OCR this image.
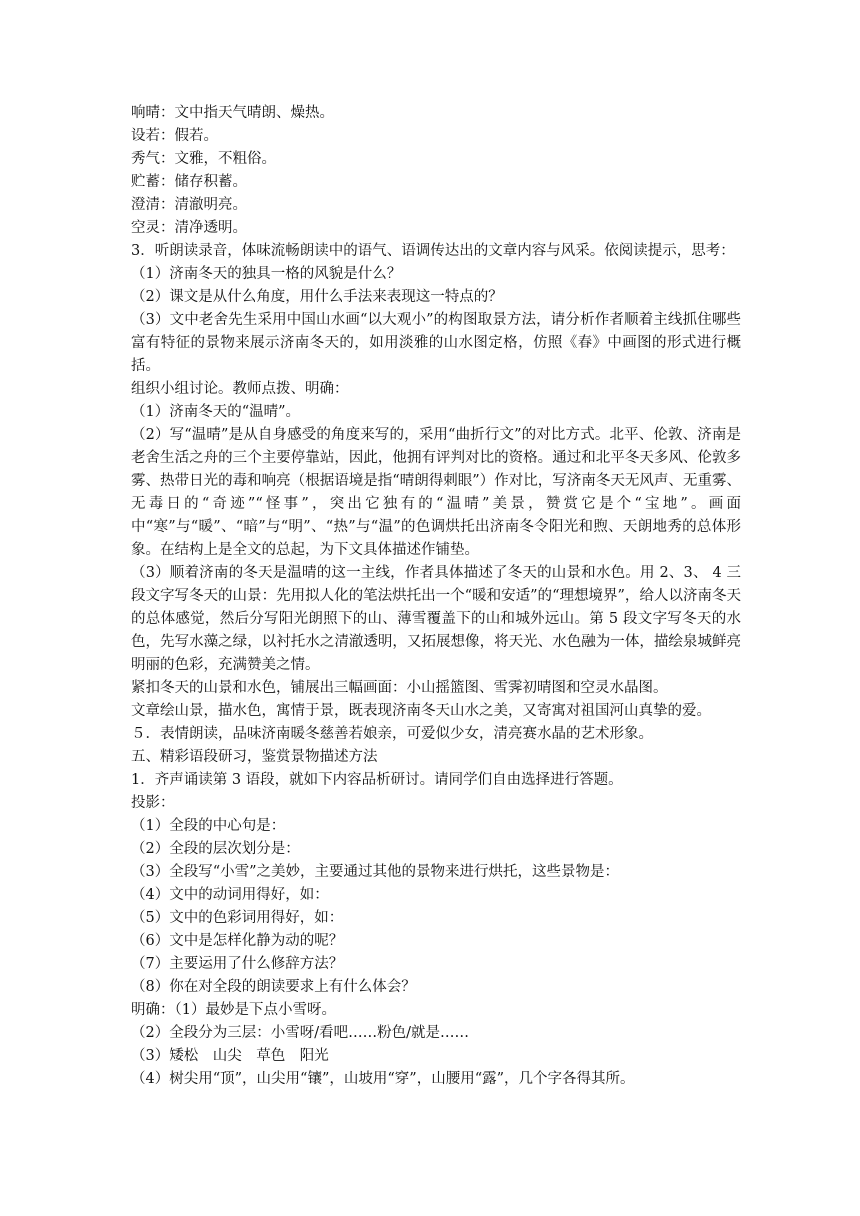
响晴：文中指天气晴朗、燥热。
设若：假若。
秀气：文雅，不粗俗。
贮蓄：储存积蓄。
澄清：清澈明亮。
空灵：清净透明。
3．听朗读录音，体味流畅朗读中的语气、语调传达出的文章内容与风采。依阅读提示，思考：
（1）济南冬天的独具一格的风貌是什么？
（2）课文是从什么角度，用什么手法来表现这一特点的？
（3）文中老舍先生采用中国山水画“以大观小”的构图取景方法，请分析作者顺着主线抓住哪些富有特征的景物来展示济南冬天的，如用淡雅的山水图定格，仿照《春》中画图的形式进行概括。
组织小组讨论。教师点拨、明确：
（1）济南冬天的“温晴”。
（2）写“温晴”是从自身感受的角度来写的，采用“曲折行文”的对比方式。北平、伦敦、济南是老舍生活之舟的三个主要停靠站，因此，他拥有评判对比的资格。通过和北平冬天多风、伦敦多雾、热带日光的毒和响亮（根据语境是指“晴朗得刺眼”）作对比，写济南冬天无风声、无重雾、无毒日的“奇迹”“怪事”，突出它独有的“温晴”美景，赞赏它是个“宝地”。画面中“寒”与“暖”、“暗”与“明”、“热”与“温”的色调烘托出济南冬令阳光和煦、天朗地秀的总体形象。在结构上是全文的总起，为下文具体描述作铺垫。
（3）顺着济南的冬天是温晴的这一主线，作者具体描述了冬天的山景和水色。用 2、3、 4 三段文字写冬天的山景：先用拟人化的笔法烘托出一个“暖和安适”的“理想境界”，给人以济南冬天的总体感觉，然后分写阳光朗照下的山、薄雪覆盖下的山和城外远山。第 5 段文字写冬天的水色，先写水藻之绿，以衬托水之清澈透明，又拓展想像，将天光、水色融为一体，描绘泉城鲜亮明丽的色彩，充满赞美之情。
紧扣冬天的山景和水色，铺展出三幅画面：小山摇篮图、雪霁初晴图和空灵水晶图。
文章绘山景，描水色，寓情于景，既表现济南冬天山水之美，又寄寓对祖国河山真挚的爱。
５．表情朗读，品味济南暖冬慈善若娘亲，可爱似少女，清亮赛水晶的艺术形象。
五、精彩语段研习，鉴赏景物描述方法
1．齐声诵读第 3 语段，就如下内容品析研讨。请同学们自由选择进行答题。
投影：
（1）全段的中心句是：
（2）全段的层次划分是：
（3）全段写“小雪”之美妙，主要通过其他的景物来进行烘托，这些景物是：
（4）文中的动词用得好，如：
（5）文中的色彩词用得好，如：
（6）文中是怎样化静为动的呢？
（7）主要运用了什么修辞方法？
（8）你在对全段的朗读要求上有什么体会？
明确：（1）最妙是下点小雪呀。
（2）全段分为三层：小雪呀/看吧……粉色/就是……
（3）矮松　山尖　草色　阳光
（4）树尖用“顶”，山尖用“镶”，山坡用“穿”，山腰用“露”，几个字各得其所。
